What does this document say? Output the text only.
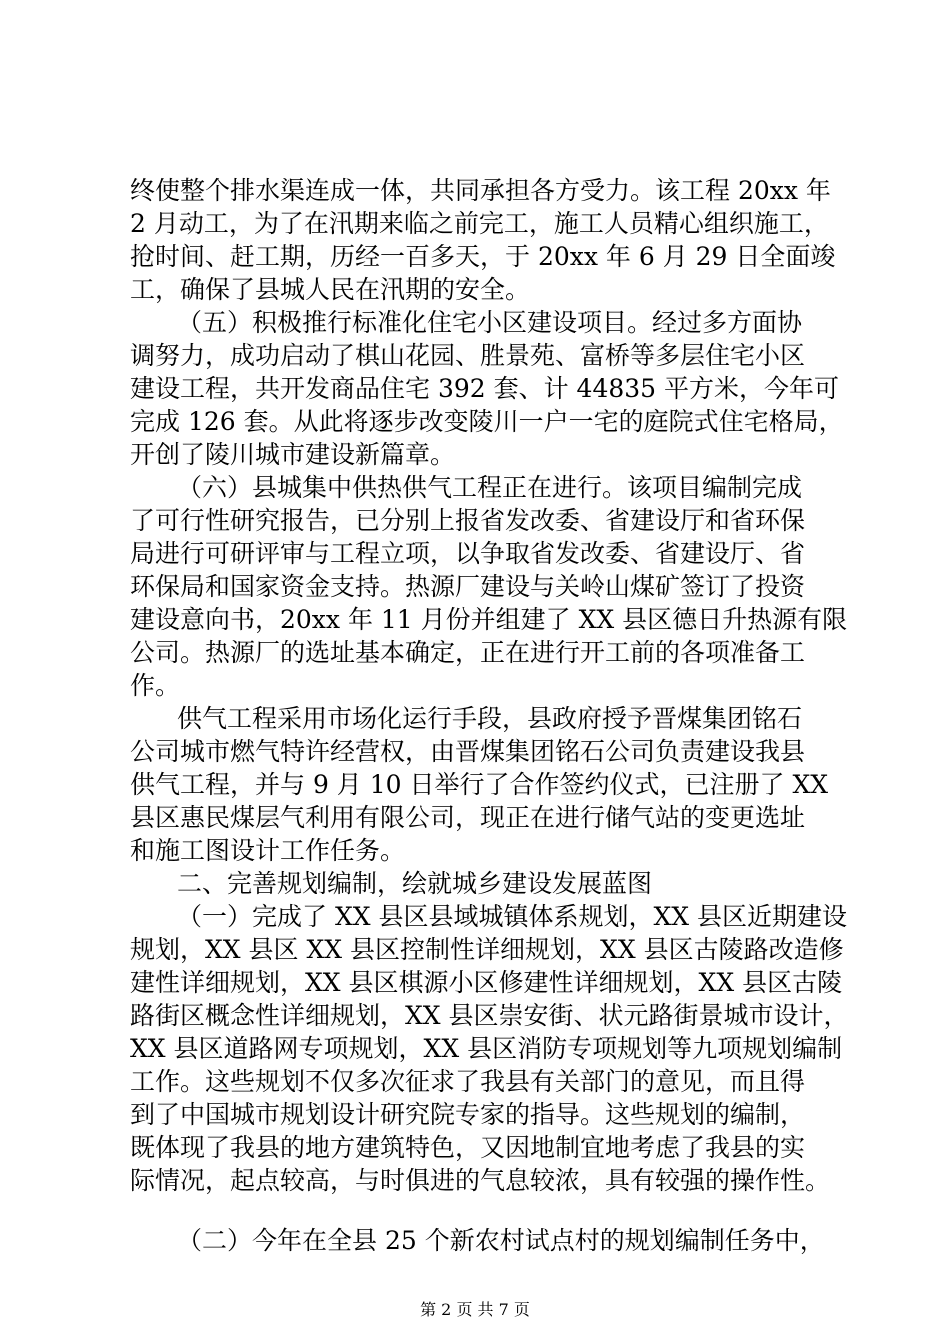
终使整个排水渠连成一体，共同承担各方受力。该工程 20xx 年
2 月动工，为了在汛期来临之前完工，施工人员精心组织施工，
抢时间、赶工期，历经一百多天，于 20xx 年 6 月 29 日全面竣
工，确保了县城人民在汛期的安全。
（五）积极推行标准化住宅小区建设项目。经过多方面协
调努力，成功启动了棋山花园、胜景苑、富桥等多层住宅小区
建设工程，共开发商品住宅 392 套、计 44835 平方米，今年可
完成 126 套。从此将逐步改变陵川一户一宅的庭院式住宅格局，
开创了陵川城市建设新篇章。
（六）县城集中供热供气工程正在进行。该项目编制完成
了可行性研究报告，已分别上报省发改委、省建设厅和省环保
局进行可研评审与工程立项，以争取省发改委、省建设厅、省
环保局和国家资金支持。热源厂建设与关岭山煤矿签订了投资
建设意向书，20xx 年 11 月份并组建了 XX 县区德日升热源有限
公司。热源厂的选址基本确定，正在进行开工前的各项准备工
作。
供气工程采用市场化运行手段，县政府授予晋煤集团铭石
公司城市燃气特许经营权，由晋煤集团铭石公司负责建设我县
供气工程，并与 9 月 10 日举行了合作签约仪式，已注册了 XX
县区惠民煤层气利用有限公司，现正在进行储气站的变更选址
和施工图设计工作任务。
二、完善规划编制，绘就城乡建设发展蓝图
（一）完成了 XX 县区县域城镇体系规划，XX 县区近期建设
规划，XX 县区 XX 县区控制性详细规划，XX 县区古陵路改造修
建性详细规划，XX 县区棋源小区修建性详细规划，XX 县区古陵
路街区概念性详细规划，XX 县区崇安街、状元路街景城市设计，
XX 县区道路网专项规划，XX 县区消防专项规划等九项规划编制
工作。这些规划不仅多次征求了我县有关部门的意见，而且得
到了中国城市规划设计研究院专家的指导。这些规划的编制，
既体现了我县的地方建筑特色，又因地制宜地考虑了我县的实
际情况，起点较高，与时俱进的气息较浓，具有较强的操作性。
（二）今年在全县 25 个新农村试点村的规划编制任务中，
第 2 页 共 7 页
